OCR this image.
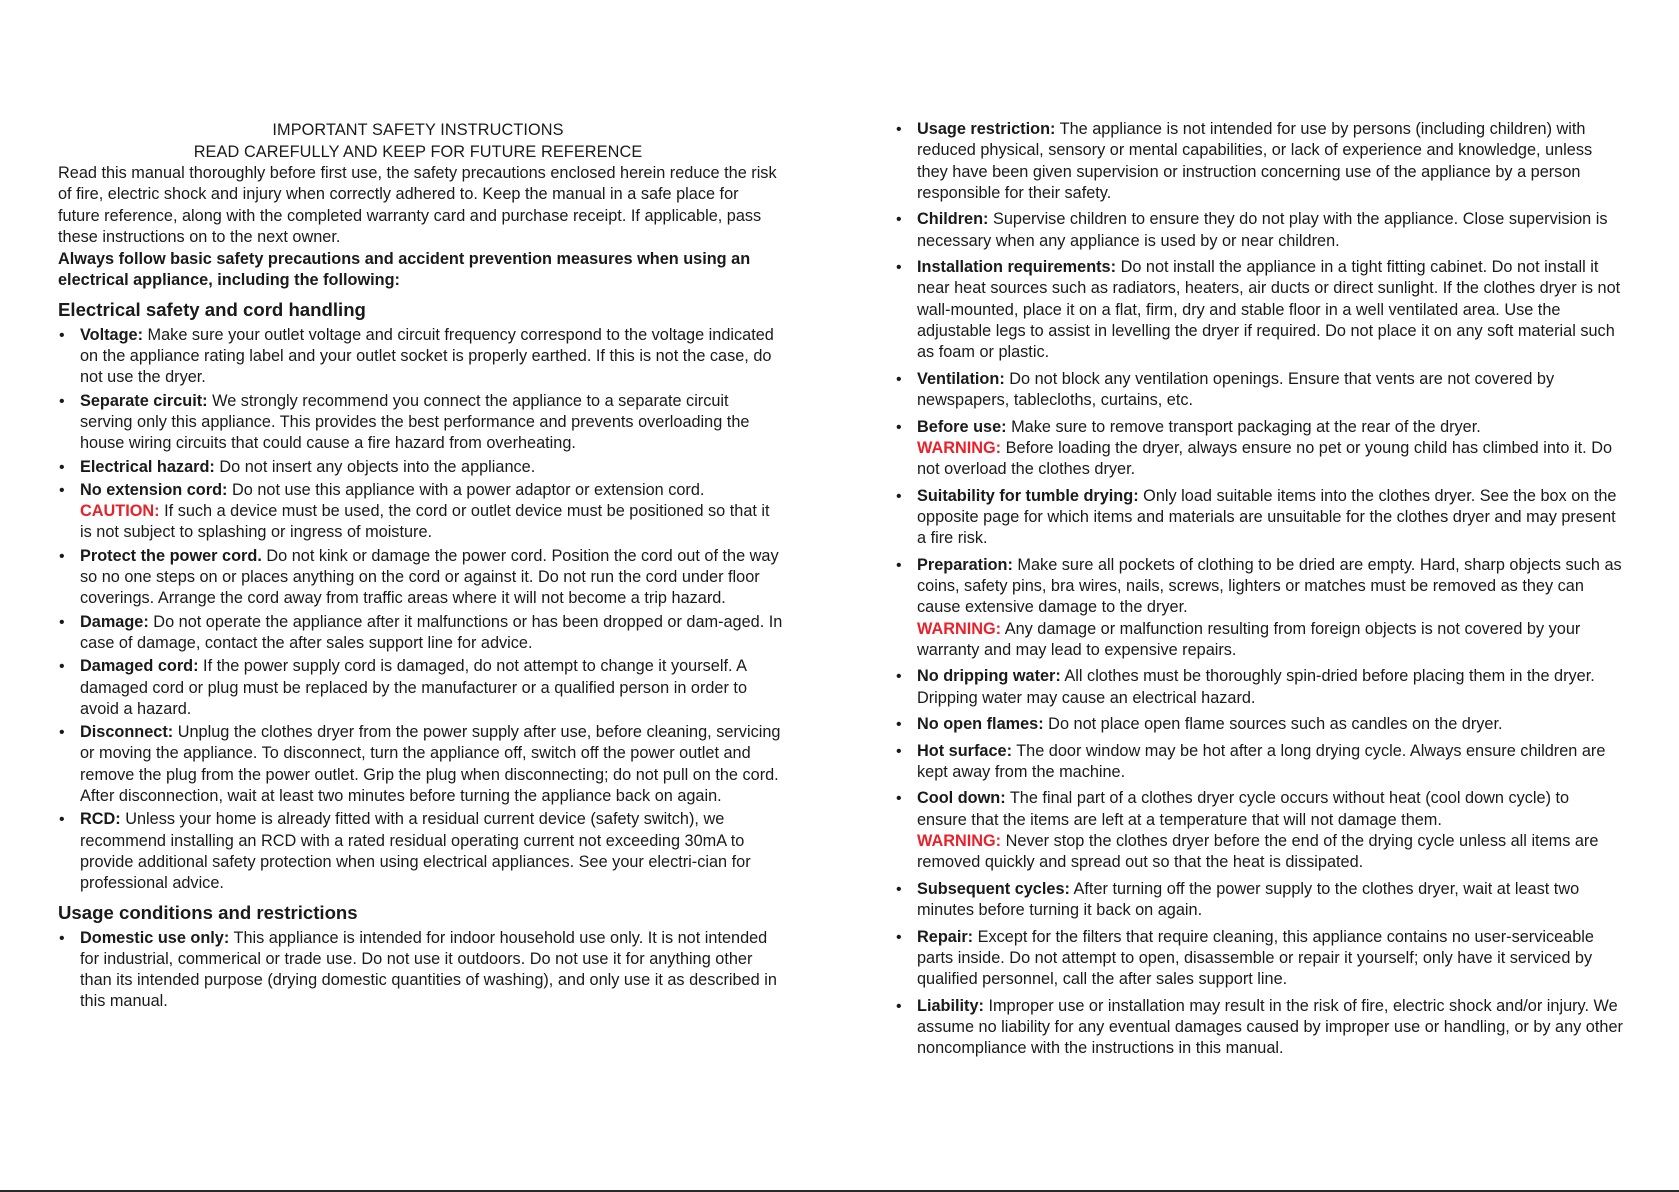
IMPORTANT SAFETY INSTRUCTIONS

READ CAREFULLY AND KEEP FOR FUTURE REFERENCE

Read this manual thoroughly before first use, the safety precautions enclosed herein reduce the risk of fire, electric shock and injury when correctly adhered to. Keep the manual in a safe place for future reference, along with the completed warranty card and purchase receipt. If applicable, pass these instructions on to the next owner.

Always follow basic safety precautions and accident prevention measures when using an electrical appliance, including the following:

Electrical safety and cord handling
• Voltage: Make sure your outlet voltage and circuit frequency correspond to the voltage indicated on the appliance rating label and your outlet socket is properly earthed. If this is not the case, do not use the dryer.
• Separate circuit: We strongly recommend you connect the appliance to a separate circuit serving only this appliance. This provides the best performance and prevents overloading the house wiring circuits that could cause a fire hazard from overheating.
• Electrical hazard: Do not insert any objects into the appliance.
• No extension cord: Do not use this appliance with a power adaptor or extension cord.
CAUTION: If such a device must be used, the cord or outlet device must be positioned so that it is not subject to splashing or ingress of moisture.
• Protect the power cord. Do not kink or damage the power cord. Position the cord out of the way so no one steps on or places anything on the cord or against it. Do not run the cord under floor coverings. Arrange the cord away from traffic areas where it will not become a trip hazard.
• Damage: Do not operate the appliance after it malfunctions or has been dropped or dam-aged. In case of damage, contact the after sales support line for advice.
• Damaged cord: If the power supply cord is damaged, do not attempt to change it yourself. A damaged cord or plug must be replaced by the manufacturer or a qualified person in order to avoid a hazard.
• Disconnect: Unplug the clothes dryer from the power supply after use, before cleaning, servicing or moving the appliance. To disconnect, turn the appliance off, switch off the power outlet and remove the plug from the power outlet. Grip the plug when disconnecting; do not pull on the cord. After disconnection, wait at least two minutes before turning the appliance back on again.
• RCD: Unless your home is already fitted with a residual current device (safety switch), we recommend installing an RCD with a rated residual operating current not exceeding 30mA to provide additional safety protection when using electrical appliances. See your electri-cian for professional advice.
Usage conditions and restrictions
• Domestic use only: This appliance is intended for indoor household use only. It is not intended for industrial, commerical or trade use. Do not use it outdoors. Do not use it for anything other than its intended purpose (drying domestic quantities of washing), and only use it as described in this manual.
• Usage restriction: The appliance is not intended for use by persons (including children) with reduced physical, sensory or mental capabilities, or lack of experience and knowledge, unless they have been given supervision or instruction concerning use of the appliance by a person responsible for their safety.
• Children: Supervise children to ensure they do not play with the appliance. Close supervision is necessary when any appliance is used by or near children.
• Installation requirements: Do not install the appliance in a tight fitting cabinet. Do not install it near heat sources such as radiators, heaters, air ducts or direct sunlight. If the clothes dryer is not wall-mounted, place it on a flat, firm, dry and stable floor in a well ventilated area. Use the adjustable legs to assist in levelling the dryer if required. Do not place it on any soft material such as foam or plastic.
• Ventilation: Do not block any ventilation openings. Ensure that vents are not covered by newspapers, tablecloths, curtains, etc.
• Before use: Make sure to remove transport packaging at the rear of the dryer.
WARNING: Before loading the dryer, always ensure no pet or young child has climbed into it. Do not overload the clothes dryer.
• Suitability for tumble drying: Only load suitable items into the clothes dryer. See the box on the opposite page for which items and materials are unsuitable for the clothes dryer and may present a fire risk.
• Preparation: Make sure all pockets of clothing to be dried are empty. Hard, sharp objects such as coins, safety pins, bra wires, nails, screws, lighters or matches must be removed as they can cause extensive damage to the dryer.
WARNING: Any damage or malfunction resulting from foreign objects is not covered by your warranty and may lead to expensive repairs.
• No dripping water: All clothes must be thoroughly spin-dried before placing them in the dryer. Dripping water may cause an electrical hazard.
• No open flames: Do not place open flame sources such as candles on the dryer.
• Hot surface: The door window may be hot after a long drying cycle. Always ensure children are kept away from the machine.
• Cool down: The final part of a clothes dryer cycle occurs without heat (cool down cycle) to ensure that the items are left at a temperature that will not damage them.
WARNING: Never stop the clothes dryer before the end of the drying cycle unless all items are removed quickly and spread out so that the heat is dissipated.
• Subsequent cycles: After turning off the power supply to the clothes dryer, wait at least two minutes before turning it back on again.
• Repair: Except for the filters that require cleaning, this appliance contains no user-serviceable parts inside. Do not attempt to open, disassemble or repair it yourself; only have it serviced by qualified personnel, call the after sales support line.
• Liability: Improper use or installation may result in the risk of fire, electric shock and/or injury. We assume no liability for any eventual damages caused by improper use or handling, or by any other noncompliance with the instructions in this manual.
